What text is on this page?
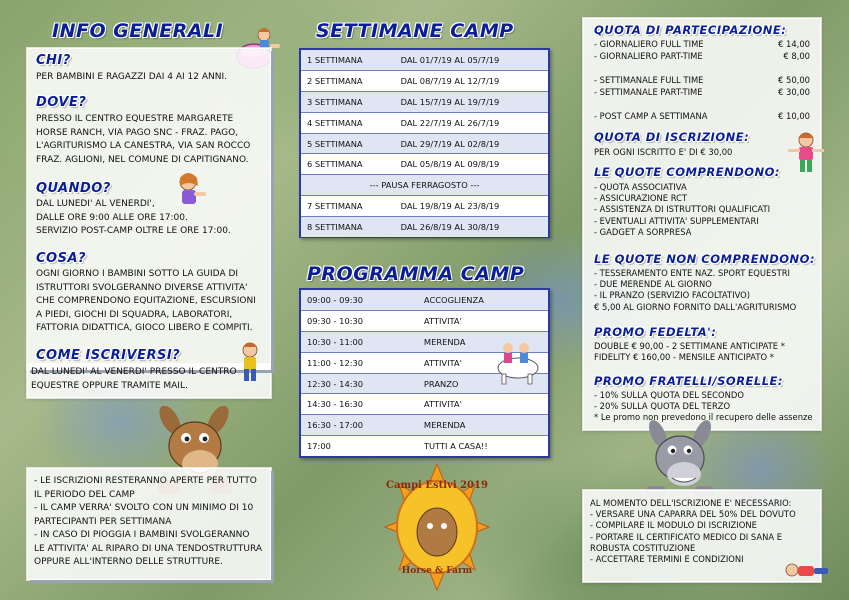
INFO GENERALI
CHI?
PER BAMBINI E RAGAZZI DAI 4 AI 12 ANNI.
DOVE?
PRESSO IL CENTRO EQUESTRE MARGARETE
HORSE RANCH, VIA PAGO SNC - FRAZ. PAGO,
L'AGRITURISMO LA CANESTRA, VIA SAN ROCCO
FRAZ. AGLIONI, NEL COMUNE DI CAPITIGNANO.
QUANDO?
DAL LUNEDI' AL VENERDI',
DALLE ORE 9:00 ALLE ORE 17:00.
SERVIZIO POST-CAMP OLTRE LE ORE 17:00.
COSA?
OGNI GIORNO I BAMBINI SOTTO LA GUIDA DI
ISTRUTTORI SVOLGERANNO DIVERSE ATTIVITA'
CHE COMPRENDONO EQUITAZIONE, ESCURSIONI
A PIEDI, GIOCHI DI SQUADRA, LABORATORI,
FATTORIA DIDATTICA, GIOCO LIBERO E COMPITI.
COME ISCRIVERSI?
DAL LUNEDI' AL VENERDI' PRESSO IL CENTRO
EQUESTRE OPPURE TRAMITE MAIL.
- LE ISCRIZIONI RESTERANNO APERTE PER TUTTO
IL PERIODO DEL CAMP
- IL CAMP VERRA' SVOLTO CON UN MINIMO DI 10
PARTECIPANTI PER SETTIMANA
- IN CASO DI PIOGGIA I BAMBINI SVOLGERANNO
LE ATTIVITA' AL RIPARO DI UNA TENDOSTRUTTURA
OPPURE ALL'INTERNO DELLE STRUTTURE.
SETTIMANE CAMP
1 SETTIMANA	DAL 01/7/19 AL 05/7/19
2 SETTIMANA	DAL 08/7/19 AL 12/7/19
3 SETTIMANA	DAL 15/7/19 AL 19/7/19
4 SETTIMANA	DAL 22/7/19 AL 26/7/19
5 SETTIMANA	DAL 29/7/19 AL 02/8/19
6 SETTIMANA	DAL 05/8/19 AL 09/8/19
--- PAUSA FERRAGOSTO ---	
7 SETTIMANA	DAL 19/8/19 AL 23/8/19
8 SETTIMANA	DAL 26/8/19 AL 30/8/19
PROGRAMMA CAMP
09:00 - 09:30	ACCOGLIENZA
09:30 - 10:30	ATTIVITA'
10:30 - 11:00	MERENDA
11:00 - 12:30	ATTIVITA'
12:30 - 14:30	PRANZO
14:30 - 16:30	ATTIVITA'
16:30 - 17:00	MERENDA
17:00	TUTTI A CASA!!
Campi Estivi 2019
Horse & Farm
QUOTA DI PARTECIPAZIONE:
- GIORNALIERO FULL TIME	€ 14,00
- GIORNALIERO PART-TIME	€ 8,00
- SETTIMANALE FULL TIME	€ 50,00
- SETTIMANALE PART-TIME	€ 30,00
- POST CAMP A SETTIMANA	€ 10,00
QUOTA DI ISCRIZIONE:
PER OGNI ISCRITTO E' DI € 30,00
LE QUOTE COMPRENDONO:
- QUOTA ASSOCIATIVA
- ASSICURAZIONE RCT
- ASSISTENZA DI ISTRUTTORI QUALIFICATI
- EVENTUALI ATTIVITA' SUPPLEMENTARI
- GADGET A SORPRESA
LE QUOTE NON COMPRENDONO:
- TESSERAMENTO ENTE NAZ. SPORT EQUESTRI
- DUE MERENDE AL GIORNO
- IL PRANZO (SERVIZIO FACOLTATIVO)
€ 5,00 AL GIORNO FORNITO DALL'AGRITURISMO
PROMO FEDELTA':
DOUBLE € 90,00 - 2 SETTIMANE ANTICIPATE *
FIDELITY € 160,00 - MENSILE ANTICIPATO *
PROMO FRATELLI/SORELLE:
- 10% SULLA QUOTA DEL SECONDO
- 20% SULLA QUOTA DEL TERZO
* Le promo non prevedono il recupero delle assenze
AL MOMENTO DELL'ISCRIZIONE E' NECESSARIO:
- VERSARE UNA CAPARRA DEL 50% DEL DOVUTO
- COMPILARE IL MODULO DI ISCRIZIONE
- PORTARE IL CERTIFICATO MEDICO DI SANA E
ROBUSTA COSTITUZIONE
- ACCETTARE TERMINI E CONDIZIONI
